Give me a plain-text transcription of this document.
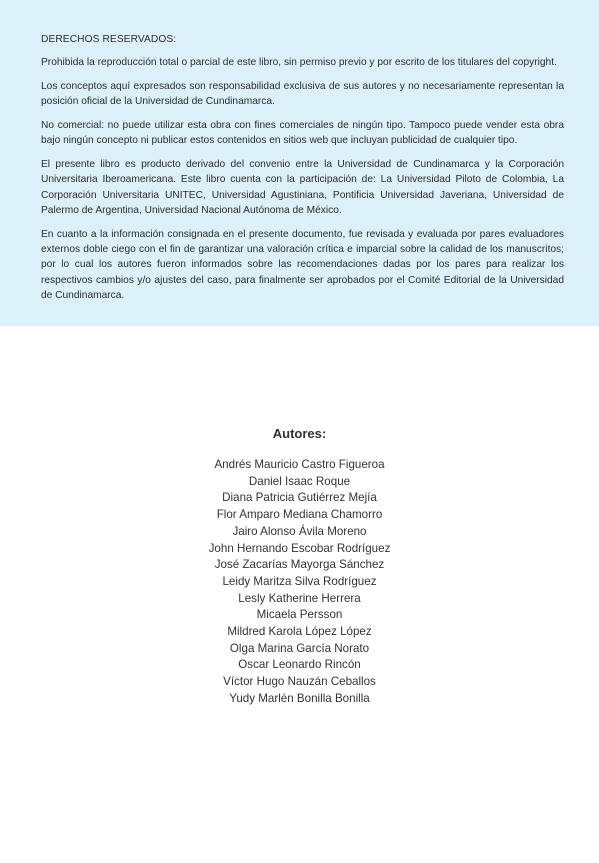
DERECHOS RESERVADOS:

Prohibida la reproducción total o parcial de este libro, sin permiso previo y por escrito de los titulares del copyright.

Los conceptos aquí expresados son responsabilidad exclusiva de sus autores y no necesariamente representan la posición oficial de la Universidad de Cundinamarca.

No comercial: no puede utilizar esta obra con fines comerciales de ningún tipo. Tampoco puede vender esta obra bajo ningún concepto ni publicar estos contenidos en sitios web que incluyan publicidad de cualquier tipo.

El presente libro es producto derivado del convenio entre la Universidad de Cundinamarca y la Corporación Universitaria Iberoamericana. Este libro cuenta con la participación de: La Universidad Piloto de Colombia, La Corporación Universitaria UNITEC, Universidad Agustiniana, Pontificia Universidad Javeriana, Universidad de Palermo de Argentina, Universidad Nacional Autónoma de México.

En cuanto a la información consignada en el presente documento, fue revisada y evaluada por pares evaluadores externos doble ciego con el fin de garantizar una valoración crítica e imparcial sobre la calidad de los manuscritos; por lo cual los autores fueron informados sobre las recomendaciones dadas por los pares para realizar los respectivos cambios y/o ajustes del caso, para finalmente ser aprobados por el Comité Editorial de la Universidad de Cundinamarca.

Autores:
Andrés Mauricio Castro Figueroa
Daniel Isaac Roque
Diana Patricia Gutiérrez Mejía
Flor Amparo Mediana Chamorro
Jairo Alonso Ávila Moreno
John Hernando Escobar Rodríguez
José Zacarías Mayorga Sánchez
Leidy Maritza Silva Rodríguez
Lesly Katherine Herrera
Micaela Persson
Mildred Karola López López
Olga Marina García Norato
Oscar Leonardo Rincón
Víctor Hugo Nauzán Ceballos
Yudy Marlén Bonilla Bonilla
